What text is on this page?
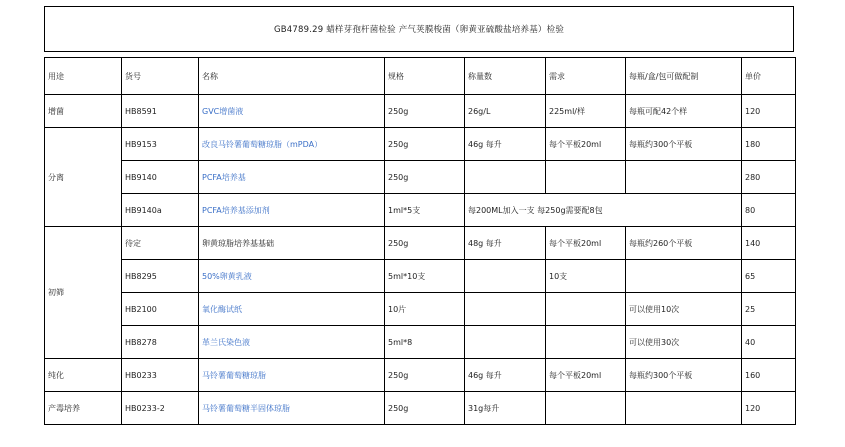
GB4789.29 蜡样芽孢杆菌检验 产气荚膜梭菌（卵黄亚硫酸盐培养基）检验
用途	货号	名称	规格	称量数	需求	每瓶/盒/包可做配制	单价
增菌	HB8591	GVC增菌液	250g	26g/L	225ml/样	每瓶可配42个样	120
分离	HB9153	改良马铃薯葡萄糖琼脂（mPDA）	250g	46g 每升	每个平板20ml	每瓶约300个平板	180
	HB9140	PCFA培养基	250g				280
	HB9140a	PCFA培养基添加剂	1ml*5支	每200ML加入一支 每250g需要配8包			80
初筛	待定	卵黄琼脂培养基基础	250g	48g 每升	每个平板20ml	每瓶约260个平板	140
	HB8295	50%卵黄乳液	5ml*10支		10支		65
	HB2100	氧化酶试纸	10片			可以使用10次	25
	HB8278	革兰氏染色液	5ml*8			可以使用30次	40
纯化	HB0233	马铃薯葡萄糖琼脂	250g	46g 每升	每个平板20ml	每瓶约300个平板	160
产毒培养	HB0233-2	马铃薯葡萄糖半固体琼脂	250g	31g每升			120
